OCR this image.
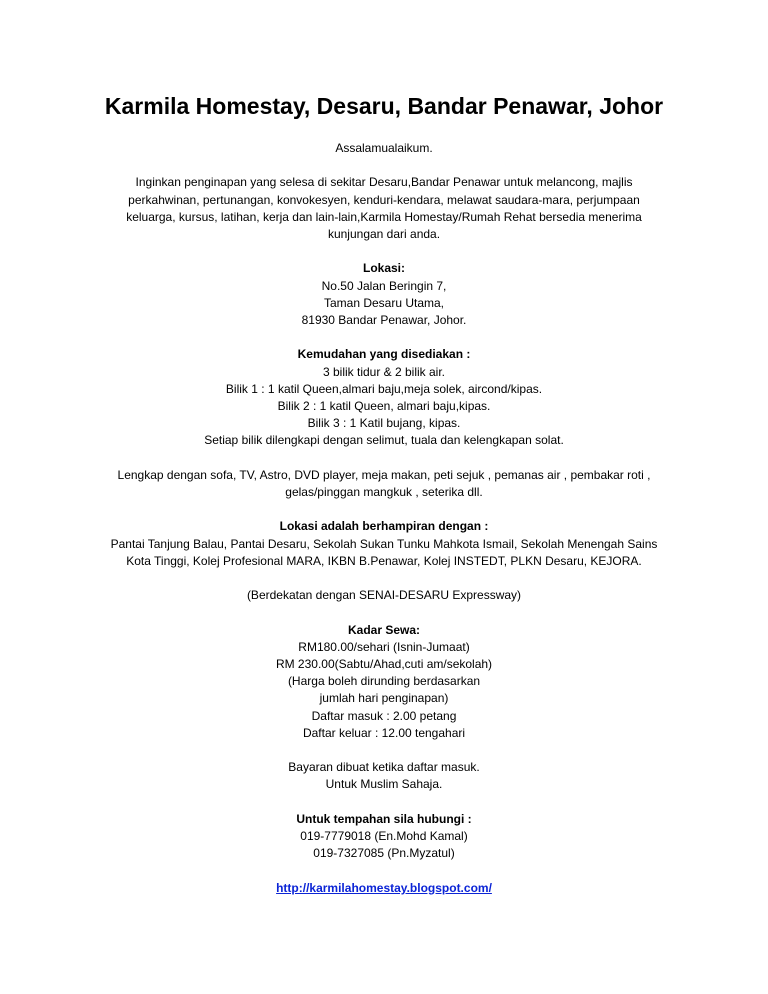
Karmila Homestay, Desaru, Bandar Penawar, Johor
Assalamualaikum.
Inginkan penginapan yang selesa di sekitar Desaru,Bandar Penawar untuk melancong, majlis
perkahwinan, pertunangan, konvokesyen, kenduri-kendara, melawat saudara-mara, perjumpaan
keluarga, kursus, latihan, kerja dan lain-lain,Karmila Homestay/Rumah Rehat bersedia menerima
kunjungan dari anda.
Lokasi:
No.50 Jalan Beringin 7,
Taman Desaru Utama,
81930 Bandar Penawar, Johor.
Kemudahan yang disediakan :
3 bilik tidur & 2 bilik air.
Bilik 1 : 1 katil Queen,almari baju,meja solek, aircond/kipas.
Bilik 2 : 1 katil Queen, almari baju,kipas.
Bilik 3 : 1 Katil bujang, kipas.
Setiap bilik dilengkapi dengan selimut, tuala dan kelengkapan solat.
Lengkap dengan sofa, TV, Astro, DVD player, meja makan, peti sejuk , pemanas air , pembakar roti ,
gelas/pinggan mangkuk , seterika dll.
Lokasi adalah berhampiran dengan :
Pantai Tanjung Balau, Pantai Desaru, Sekolah Sukan Tunku Mahkota Ismail, Sekolah Menengah Sains
Kota Tinggi, Kolej Profesional MARA, IKBN B.Penawar, Kolej INSTEDT, PLKN Desaru, KEJORA.
(Berdekatan dengan SENAI-DESARU Expressway)
Kadar Sewa:
RM180.00/sehari (Isnin-Jumaat)
RM 230.00(Sabtu/Ahad,cuti am/sekolah)
(Harga boleh dirunding berdasarkan
jumlah hari penginapan)
Daftar masuk : 2.00 petang
Daftar keluar : 12.00 tengahari
Bayaran dibuat ketika daftar masuk.
Untuk Muslim Sahaja.
Untuk tempahan sila hubungi :
019-7779018 (En.Mohd Kamal)
019-7327085 (Pn.Myzatul)
http://karmilahomestay.blogspot.com/
